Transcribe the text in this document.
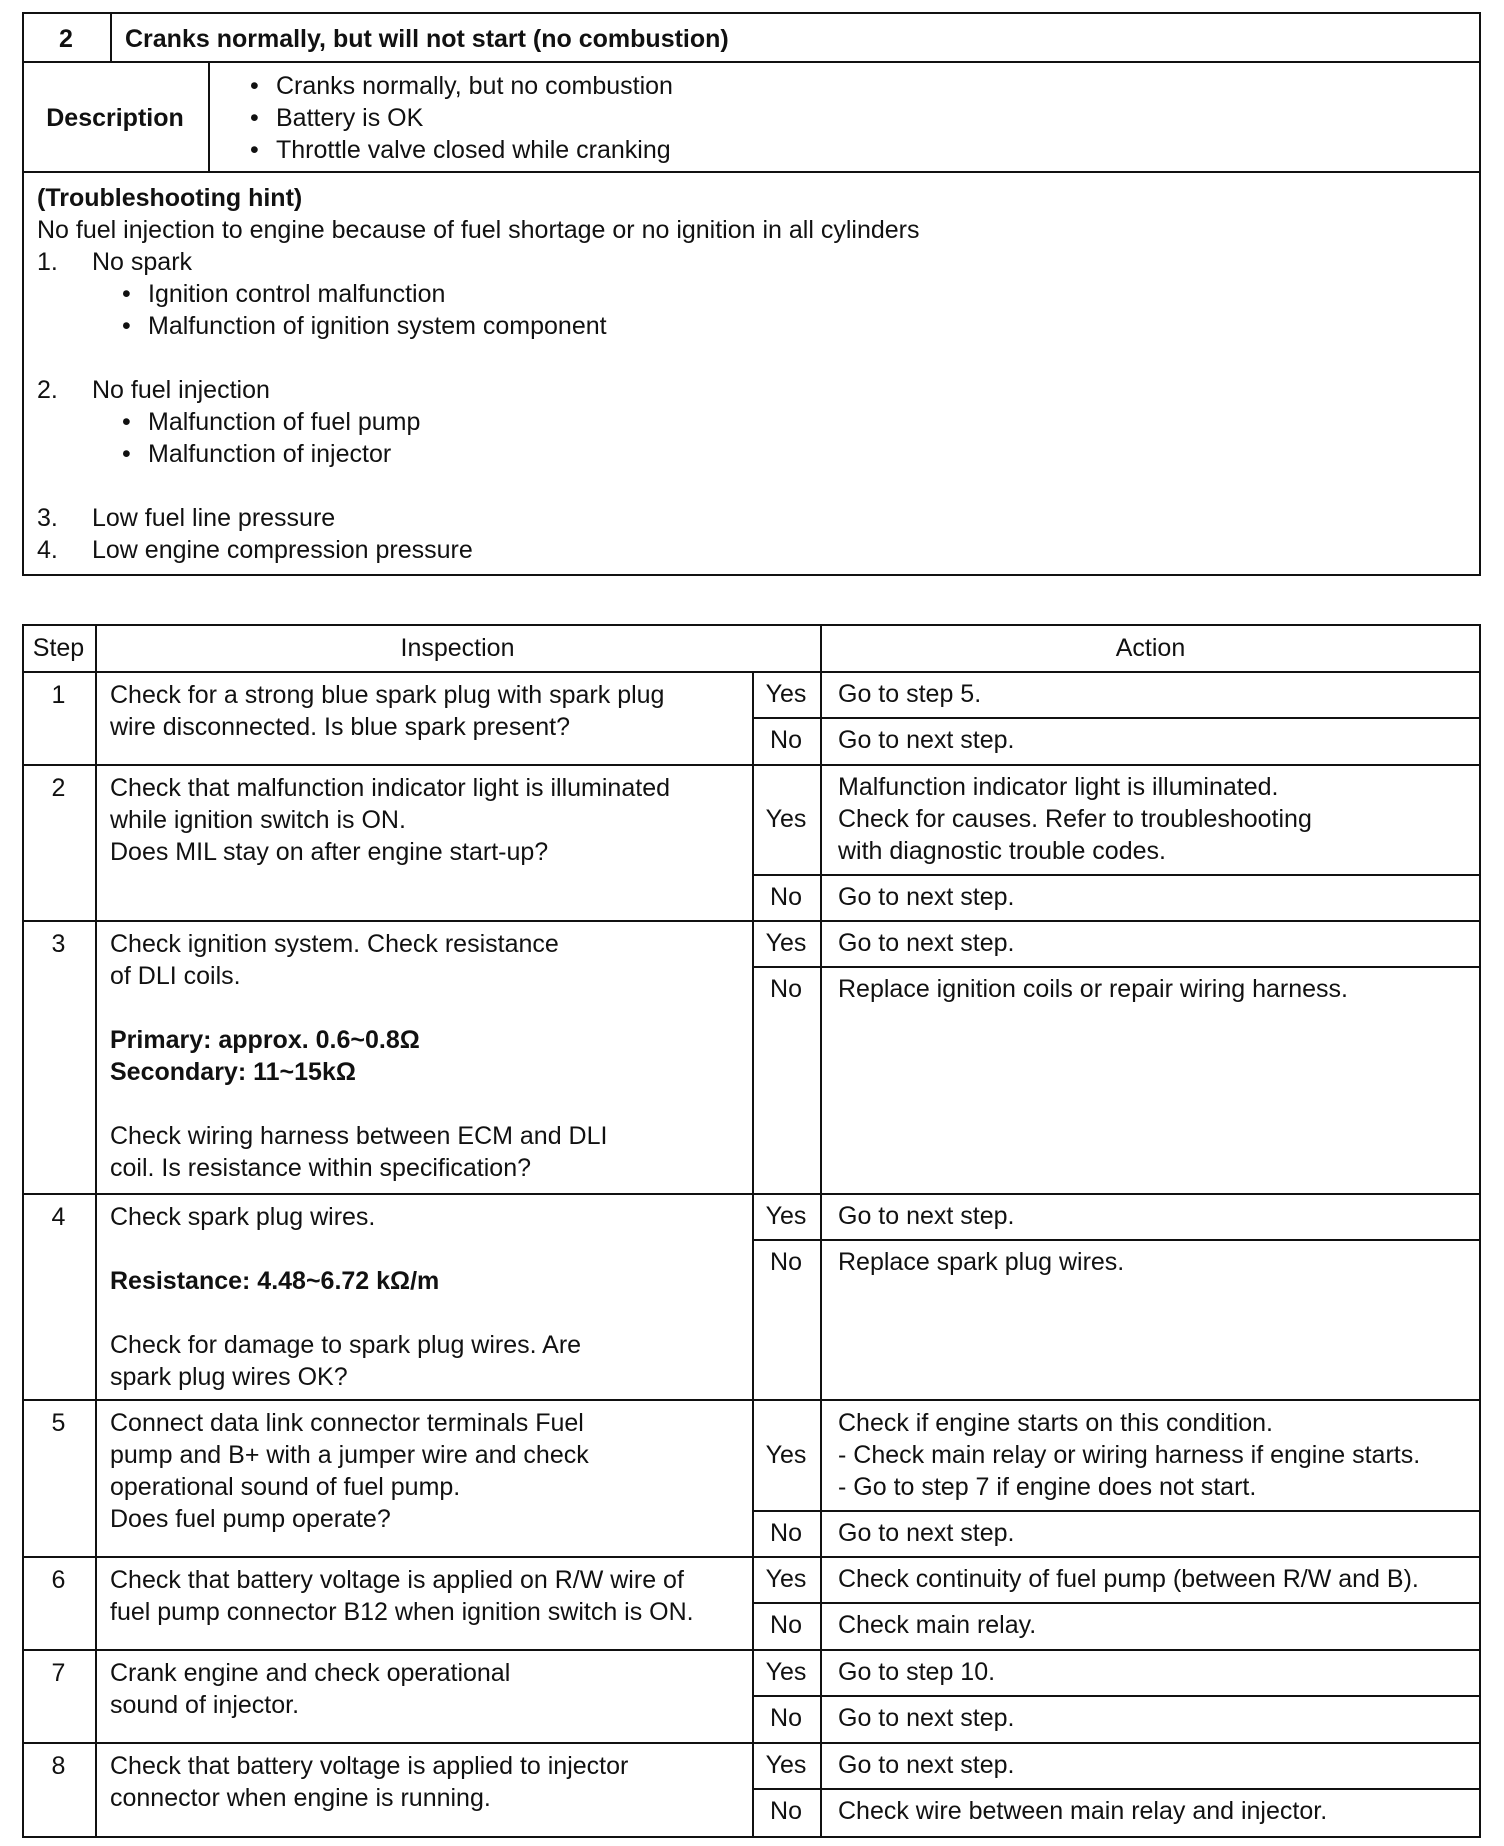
2	Cranks normally, but will not start (no combustion)
Description
• Cranks normally, but no combustion
• Battery is OK
• Throttle valve closed while cranking
(Troubleshooting hint)
No fuel injection to engine because of fuel shortage or no ignition in all cylinders
1. No spark
• Ignition control malfunction
• Malfunction of ignition system component
2. No fuel injection
• Malfunction of fuel pump
• Malfunction of injector
3. Low fuel line pressure
4. Low engine compression pressure
Step	Inspection	Action
1	Check for a strong blue spark plug with spark plug
wire disconnected. Is blue spark present?
Yes	Go to step 5.
No	Go to next step.
2	Check that malfunction indicator light is illuminated
while ignition switch is ON.
Does MIL stay on after engine start-up?
Yes
Malfunction indicator light is illuminated.
Check for causes. Refer to troubleshooting
with diagnostic trouble codes.
No	Go to next step.
3	Check ignition system. Check resistance
of DLI coils.
Primary: approx. 0.6~0.8Ω
Secondary: 11~15kΩ
Check wiring harness between ECM and DLI
coil. Is resistance within specification?
Yes	Go to next step.
No	Replace ignition coils or repair wiring harness.
4	Check spark plug wires.
Resistance: 4.48~6.72 kΩ/m
Check for damage to spark plug wires. Are
spark plug wires OK?
Yes	Go to next step.
No	Replace spark plug wires.
5	Connect data link connector terminals Fuel
pump and B+ with a jumper wire and check
operational sound of fuel pump.
Does fuel pump operate?
Yes
Check if engine starts on this condition.
- Check main relay or wiring harness if engine starts.
- Go to step 7 if engine does not start.
No	Go to next step.
6	Check that battery voltage is applied on R/W wire of
fuel pump connector B12 when ignition switch is ON.
Yes	Check continuity of fuel pump (between R/W and B).
No	Check main relay.
7	Crank engine and check operational
sound of injector.
Yes	Go to step 10.
No	Go to next step.
8	Check that battery voltage is applied to injector
connector when engine is running.
Yes	Go to next step.
No	Check wire between main relay and injector.
